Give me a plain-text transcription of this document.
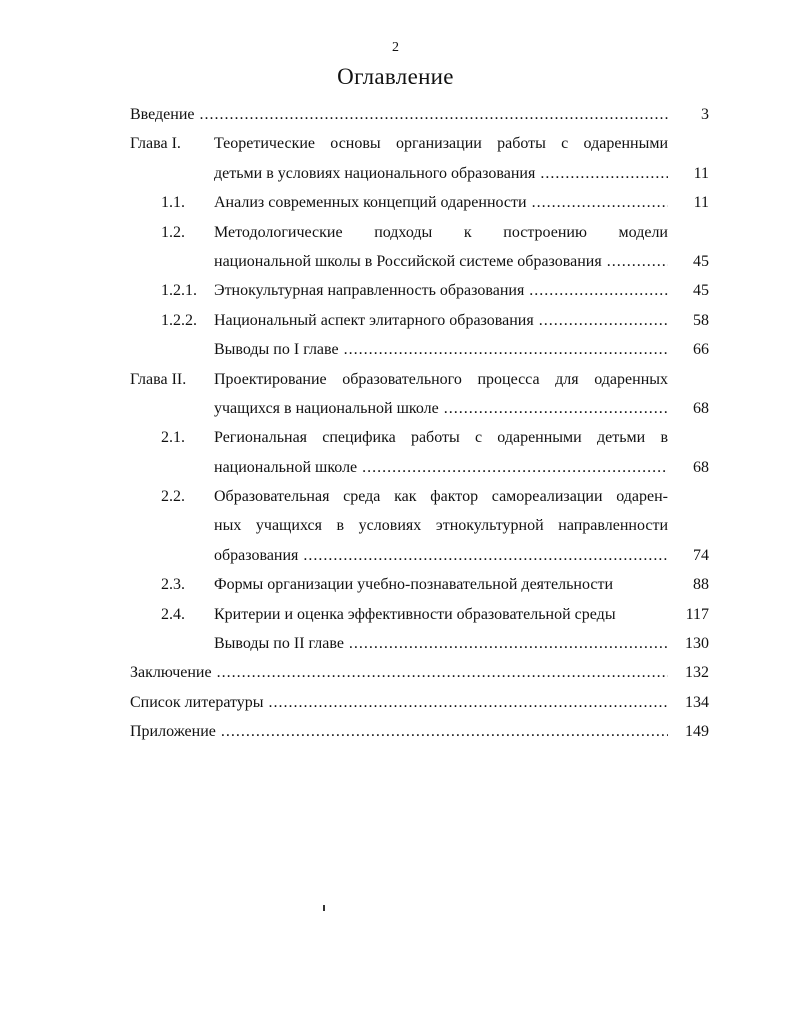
2
Оглавление
Введение .....	3
Глава I. Теоретические основы организации работы с одаренными
детьми в условиях национального образования .....	11
1.1. Анализ современных концепций одаренности .....	11
1.2. Методологические подходы к построению модели
национальной школы в Российской системе образования .....	45
1.2.1. Этнокультурная направленность образования .....	45
1.2.2. Национальный аспект элитарного образования .....	58
Выводы по I главе .....	66
Глава II. Проектирование образовательного процесса для одаренных
учащихся в национальной школе .....	68
2.1. Региональная специфика работы с одаренными детьми в
национальной школе .....	68
2.2. Образовательная среда как фактор самореализации одарен-
ных учащихся в условиях этнокультурной направленности
образования .....	74
2.3. Формы организации учебно-познавательной деятельности	88
2.4. Критерии и оценка эффективности образовательной среды	117
Выводы по II главе .....	130
Заключение .....	132
Список литературы .....	134
Приложение .....	149
